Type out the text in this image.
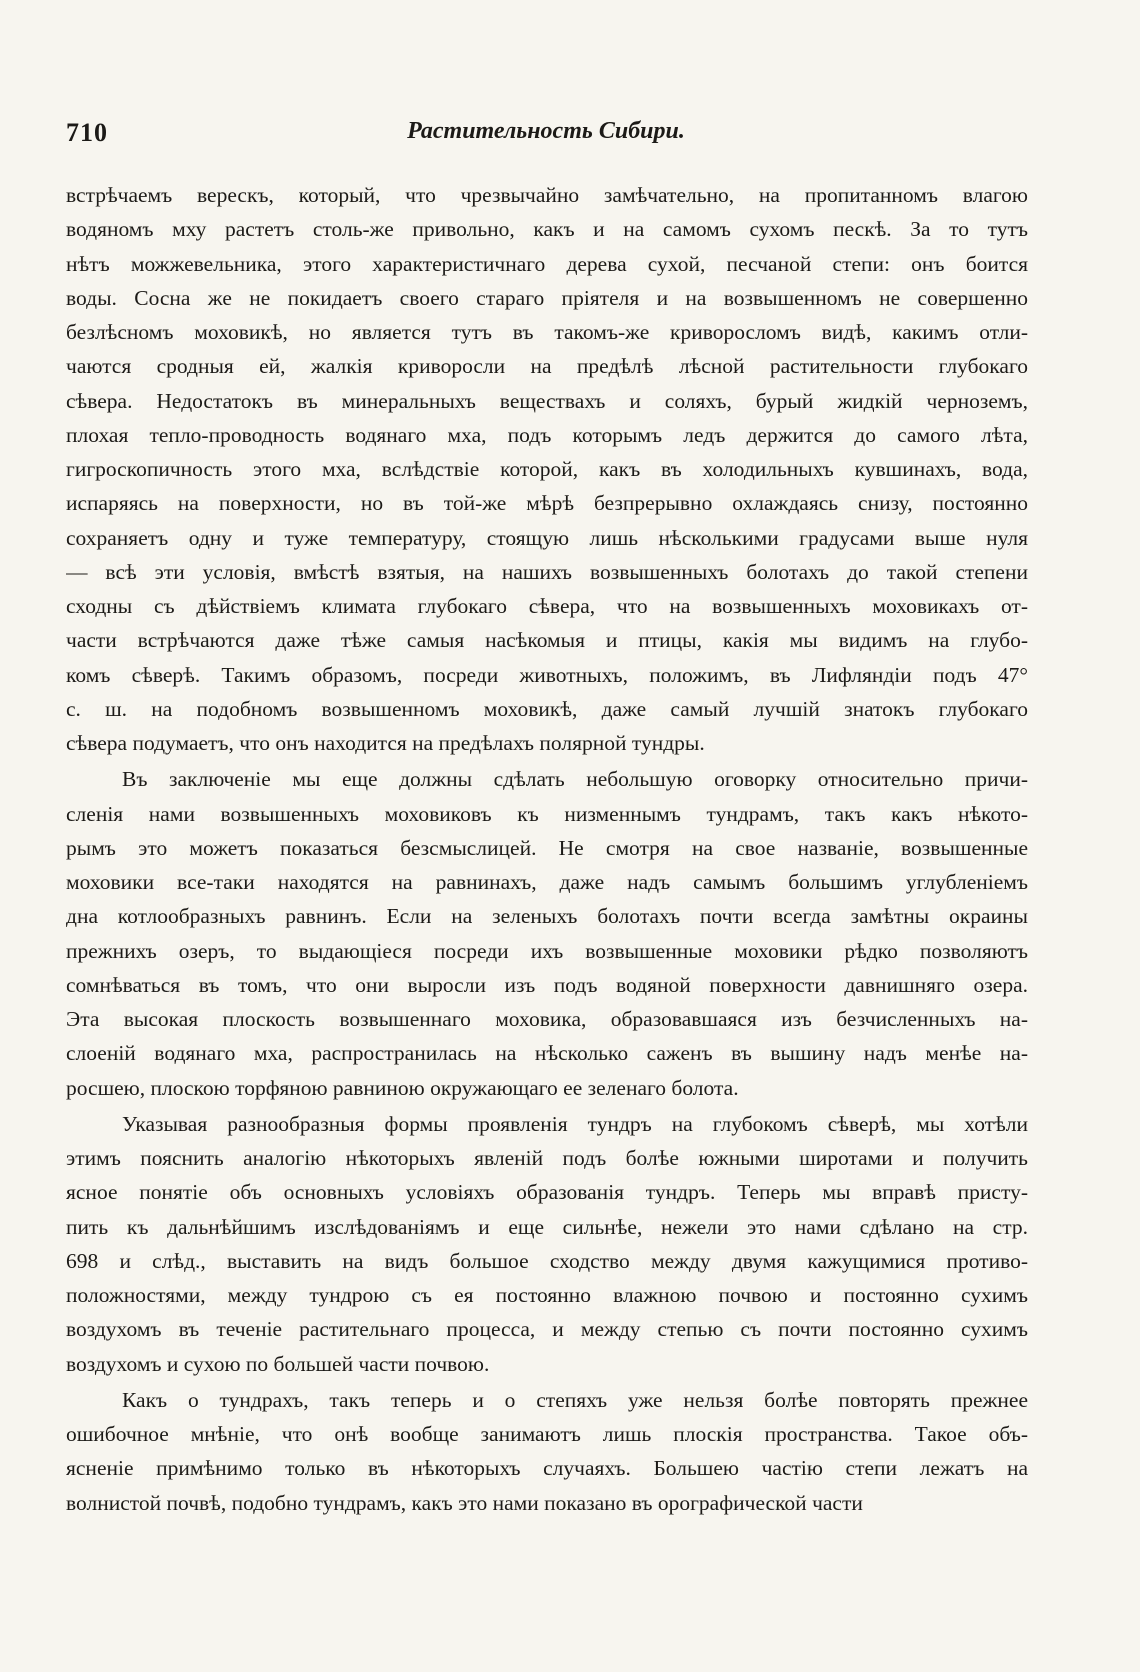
710	Растительность Сибири.
встрѣчаемъ верескъ, который, что чрезвычайно замѣчательно, на пропитанномъ влагою
водяномъ мху растетъ столь-же привольно, какъ и на самомъ сухомъ пескѣ. За то тутъ
нѣтъ можжевельника, этого характеристичнаго дерева сухой, песчаной степи: онъ боится
воды. Сосна же не покидаетъ своего стараго пріятеля и на возвышенномъ не совершенно
безлѣсномъ моховикѣ, но является тутъ въ такомъ-же криворосломъ видѣ, какимъ отли-
чаются сродныя ей, жалкія криворосли на предѣлѣ лѣсной растительности глубокаго
сѣвера. Недостатокъ въ минеральныхъ веществахъ и соляхъ, бурый жидкій черноземъ,
плохая тепло-проводность водянаго мха, подъ которымъ ледъ держится до самого лѣта,
гигроскопичность этого мха, вслѣдствіе которой, какъ въ холодильныхъ кувшинахъ, вода,
испаряясь на поверхности, но въ той-же мѣрѣ безпрерывно охлаждаясь снизу, постоянно
сохраняетъ одну и туже температуру, стоящую лишь нѣсколькими градусами выше нуля
— всѣ эти условія, вмѣстѣ взятыя, на нашихъ возвышенныхъ болотахъ до такой степени
сходны съ дѣйствіемъ климата глубокаго сѣвера, что на возвышенныхъ моховикахъ от-
части встрѣчаются даже тѣже самыя насѣкомыя и птицы, какія мы видимъ на глубо-
комъ сѣверѣ. Такимъ образомъ, посреди животныхъ, положимъ, въ Лифляндіи подъ 47°
с. ш. на подобномъ возвышенномъ моховикѣ, даже самый лучшій знатокъ глубокаго
сѣвера подумаетъ, что онъ находится на предѣлахъ полярной тундры.
Въ заключеніе мы еще должны сдѣлать небольшую оговорку относительно причи-
сленія нами возвышенныхъ моховиковъ къ низменнымъ тундрамъ, такъ какъ нѣкото-
рымъ это можетъ показаться безсмыслицей. Не смотря на свое названіе, возвышенные
моховики все-таки находятся на равнинахъ, даже надъ самымъ большимъ углубленіемъ
дна котлообразныхъ равнинъ. Если на зеленыхъ болотахъ почти всегда замѣтны окраины
прежнихъ озеръ, то выдающіеся посреди ихъ возвышенные моховики рѣдко позволяютъ
сомнѣваться въ томъ, что они выросли изъ подъ водяной поверхности давнишняго озера.
Эта высокая плоскость возвышеннаго моховика, образовавшаяся изъ безчисленныхъ на-
слоеній водянаго мха, распространилась на нѣсколько саженъ въ вышину надъ менѣе на-
росшею, плоскою торфяною равниною окружающаго ее зеленаго болота.
Указывая разнообразныя формы проявленія тундръ на глубокомъ сѣверѣ, мы хотѣли
этимъ пояснить аналогію нѣкоторыхъ явленій подъ болѣе южными широтами и получить
ясное понятіе объ основныхъ условіяхъ образованія тундръ. Теперь мы вправѣ присту-
пить къ дальнѣйшимъ изслѣдованіямъ и еще сильнѣе, нежели это нами сдѣлано на стр.
698 и слѣд., выставить на видъ большое сходство между двумя кажущимися противо-
положностями, между тундрою съ ея постоянно влажною почвою и постоянно сухимъ
воздухомъ въ теченіе растительнаго процесса, и между степью съ почти постоянно сухимъ
воздухомъ и сухою по большей части почвою.
Какъ о тундрахъ, такъ теперь и о степяхъ уже нельзя болѣе повторять прежнее
ошибочное мнѣніе, что онѣ вообще занимаютъ лишь плоскія пространства. Такое объ-
ясненіе примѣнимо только въ нѣкоторыхъ случаяхъ. Большею частію степи лежатъ на
волнистой почвѣ, подобно тундрамъ, какъ это нами показано въ орографической части
